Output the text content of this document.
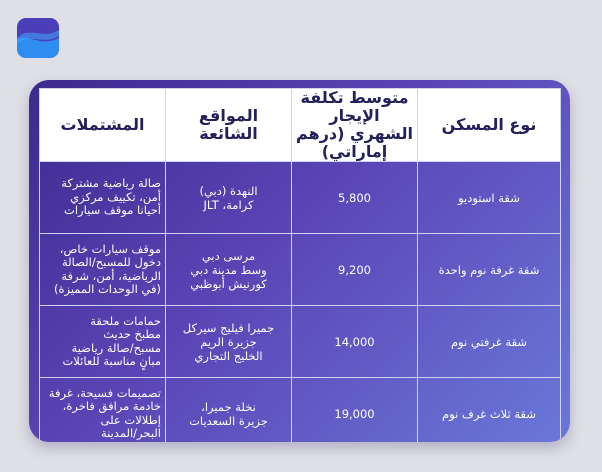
نوع المسكن	متوسط تكلفة الإيجار الشهري (درهم إماراتي)	المواقع الشائعة	المشتملات
شقة استوديو	5,800	النهدة (دبي)
كرامة، JLT	صالة رياضية مشتركة
أمن، تكييف مركزي
أحيانا موقف سيارات

شقة غرفة نوم واحدة	9,200	مرسى دبي
وسط مدينة دبي
كورنيش أبوظبي	موقف سيارات خاص،
دخول للمسبح/الصالة
الرياضية، أمن، شرفة
(في الوحدات المميزة)

شقة غرفتي نوم	14,000	جميرا فيليج سيركل
جزيرة الريم
الخليج التجاري	حمامات ملحقة
مطبخ حديث
مسبح/صالة رياضية
مبانٍ مناسبة للعائلات

شقة ثلاث غرف نوم	19,000	نخلة جميرا،
جزيرة السعديات	تصميمات فسيحة، غرفة
خادمة مرافق فاخرة،
إطلالات على
البحر/المدينة
